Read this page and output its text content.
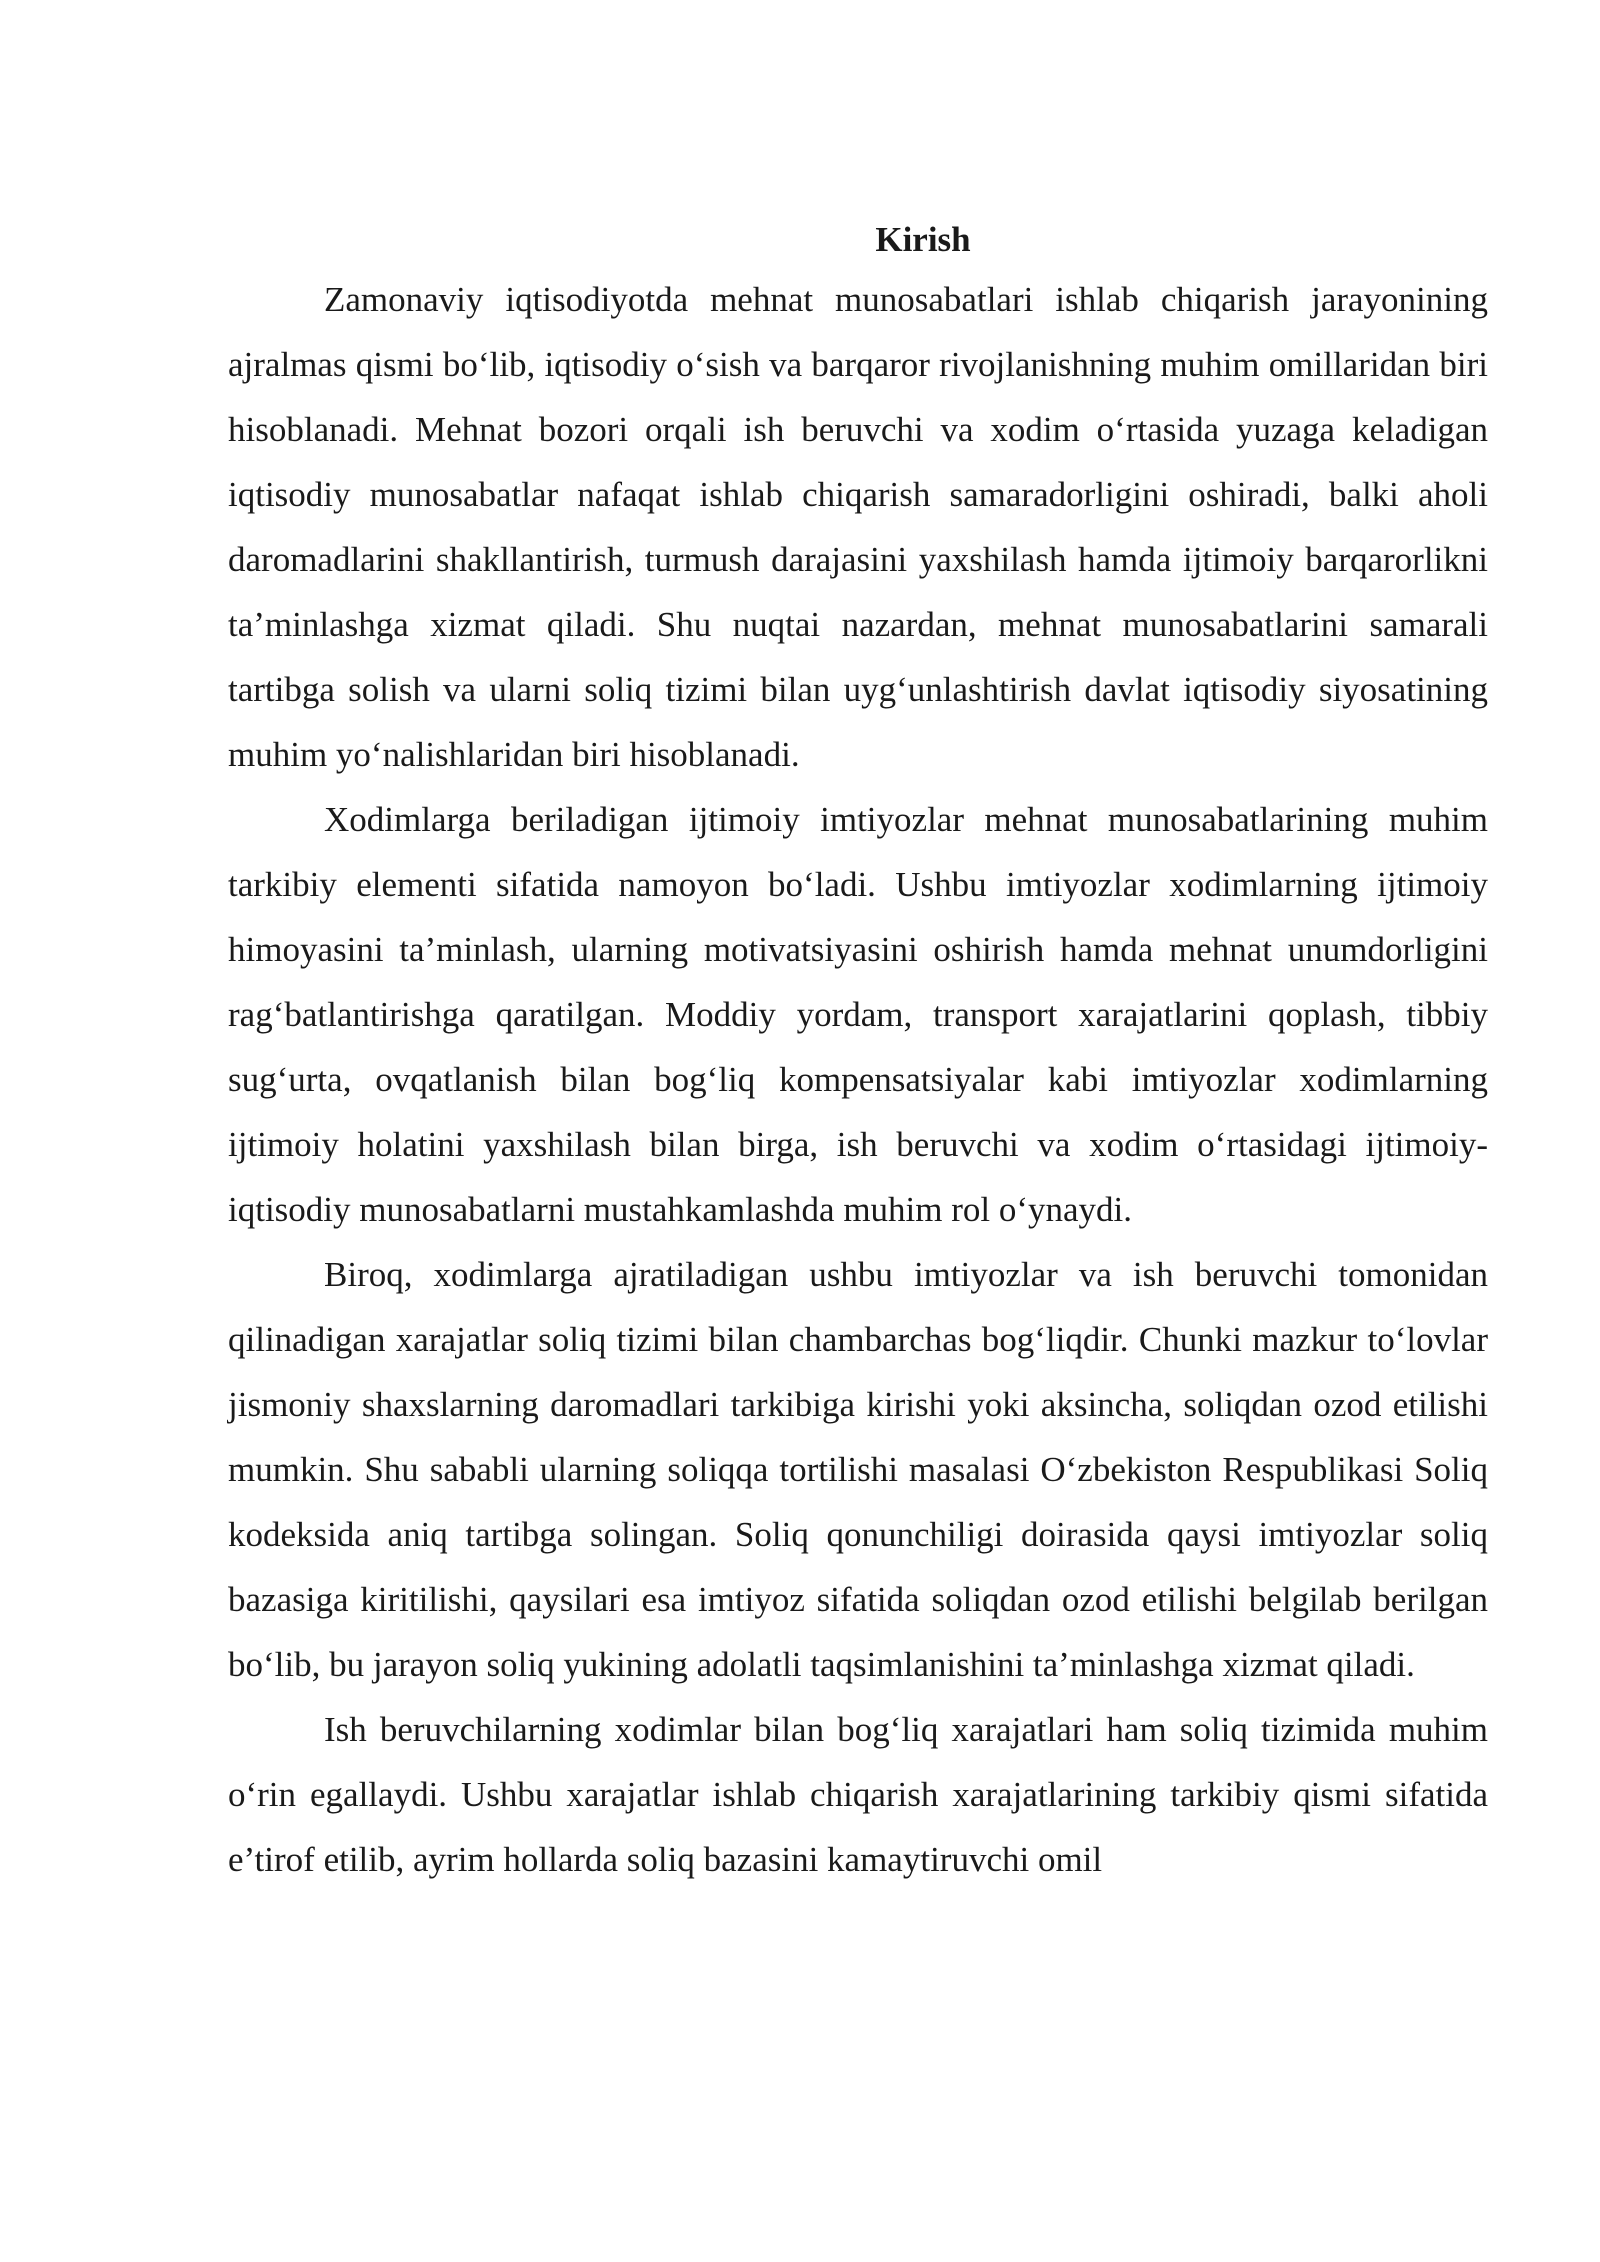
Kirish

Zamonaviy iqtisodiyotda mehnat munosabatlari ishlab chiqarish jarayonining ajralmas qismi bo‘lib, iqtisodiy o‘sish va barqaror rivojlanishning muhim omillaridan biri hisoblanadi. Mehnat bozori orqali ish beruvchi va xodim o‘rtasida yuzaga keladigan iqtisodiy munosabatlar nafaqat ishlab chiqarish samaradorligini oshiradi, balki aholi daromadlarini shakllantirish, turmush darajasini yaxshilash hamda ijtimoiy barqarorlikni ta’minlashga xizmat qiladi. Shu nuqtai nazardan, mehnat munosabatlarini samarali tartibga solish va ularni soliq tizimi bilan uyg‘unlashtirish davlat iqtisodiy siyosatining muhim yo‘nalishlaridan biri hisoblanadi.

Xodimlarga beriladigan ijtimoiy imtiyozlar mehnat munosabatlarining muhim tarkibiy elementi sifatida namoyon bo‘ladi. Ushbu imtiyozlar xodimlarning ijtimoiy himoyasini ta’minlash, ularning motivatsiyasini oshirish hamda mehnat unumdorligini rag‘batlantirishga qaratilgan. Moddiy yordam, transport xarajatlarini qoplash, tibbiy sug‘urta, ovqatlanish bilan bog‘liq kompensatsiyalar kabi imtiyozlar xodimlarning ijtimoiy holatini yaxshilash bilan birga, ish beruvchi va xodim o‘rtasidagi ijtimoiy-iqtisodiy munosabatlarni mustahkamlashda muhim rol o‘ynaydi.

Biroq, xodimlarga ajratiladigan ushbu imtiyozlar va ish beruvchi tomonidan qilinadigan xarajatlar soliq tizimi bilan chambarchas bog‘liqdir. Chunki mazkur to‘lovlar jismoniy shaxslarning daromadlari tarkibiga kirishi yoki aksincha, soliqdan ozod etilishi mumkin. Shu sababli ularning soliqqa tortilishi masalasi O‘zbekiston Respublikasi Soliq kodeksida aniq tartibga solingan. Soliq qonunchiligi doirasida qaysi imtiyozlar soliq bazasiga kiritilishi, qaysilari esa imtiyoz sifatida soliqdan ozod etilishi belgilab berilgan bo‘lib, bu jarayon soliq yukining adolatli taqsimlanishini ta’minlashga xizmat qiladi.

Ish beruvchilarning xodimlar bilan bog‘liq xarajatlari ham soliq tizimida muhim o‘rin egallaydi. Ushbu xarajatlar ishlab chiqarish xarajatlarining tarkibiy qismi sifatida e’tirof etilib, ayrim hollarda soliq bazasini kamaytiruvchi omil
